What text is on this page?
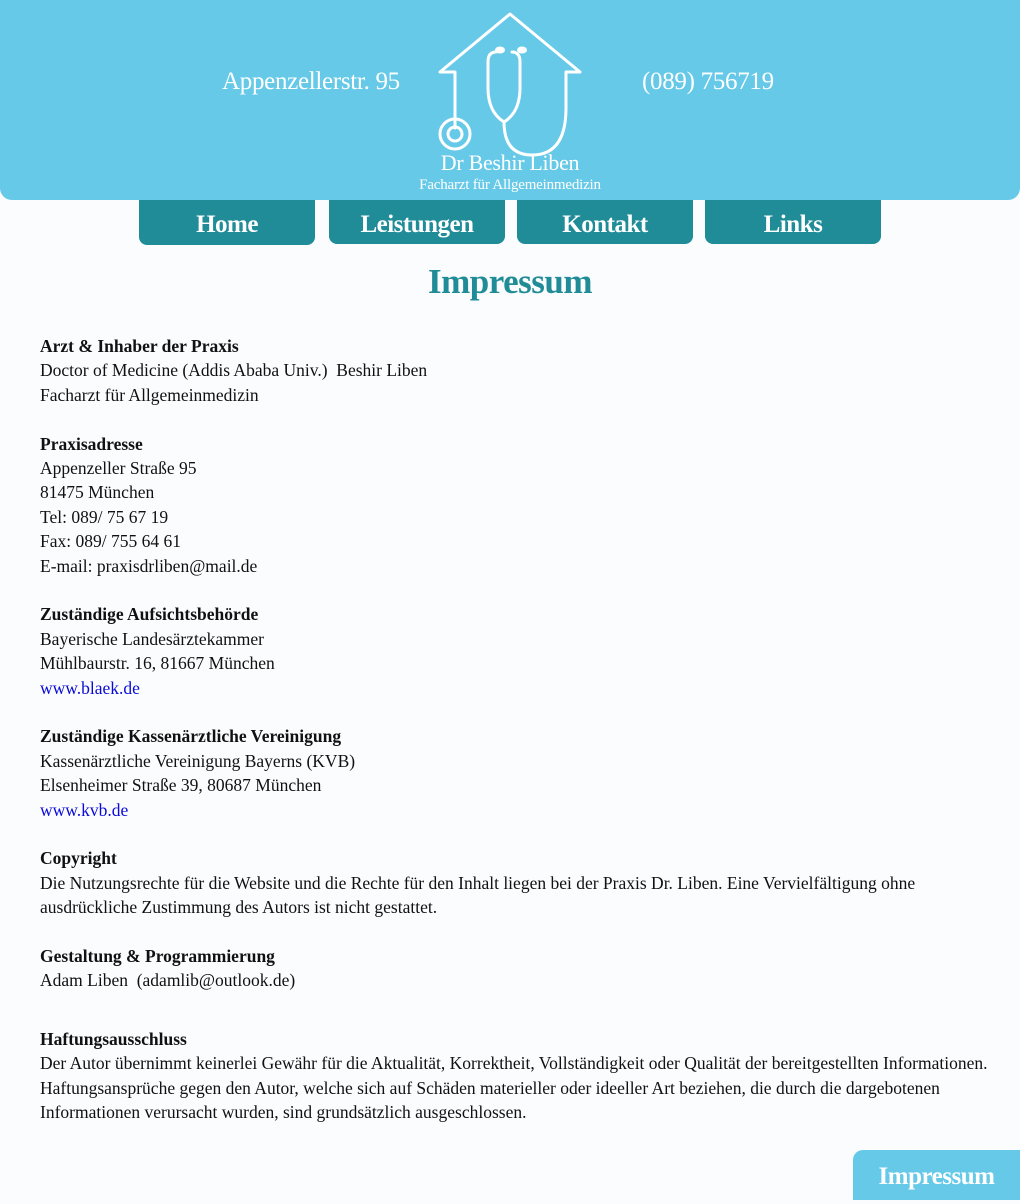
Appenzellerstr. 95	(089) 756719
Dr Beshir Liben
Facharzt für Allgemeinmedizin
Home	Leistungen	Kontakt	Links
Impressum
Arzt & Inhaber der Praxis
Doctor of Medicine (Addis Ababa Univ.)  Beshir Liben
Facharzt für Allgemeinmedizin
Praxisadresse
Appenzeller Straße 95
81475 München
Tel: 089/ 75 67 19
Fax: 089/ 755 64 61
E-mail: praxisdrliben@mail.de
Zuständige Aufsichtsbehörde
Bayerische Landesärztekammer
Mühlbaurstr. 16, 81667 München
www.blaek.de
Zuständige Kassenärztliche Vereinigung
Kassenärztliche Vereinigung Bayerns (KVB)
Elsenheimer Straße 39, 80687 München
www.kvb.de
Copyright
Die Nutzungsrechte für die Website und die Rechte für den Inhalt liegen bei der Praxis Dr. Liben. Eine Vervielfältigung ohne ausdrückliche Zustimmung des Autors ist nicht gestattet.
Gestaltung & Programmierung
Adam Liben  (adamlib@outlook.de)
Haftungsausschluss
Der Autor übernimmt keinerlei Gewähr für die Aktualität, Korrektheit, Vollständigkeit oder Qualität der bereitgestellten Informationen. Haftungsansprüche gegen den Autor, welche sich auf Schäden materieller oder ideeller Art beziehen, die durch die dargebotenen Informationen verursacht wurden, sind grundsätzlich ausgeschlossen.
Impressum
